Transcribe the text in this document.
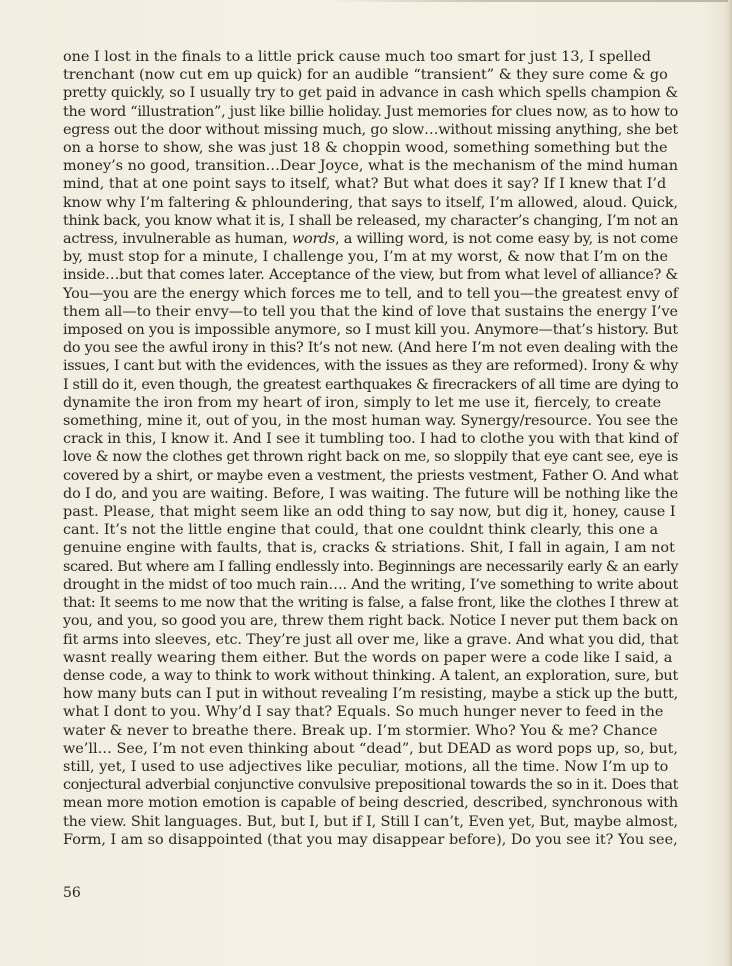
one I lost in the finals to a little prick cause much too smart for just 13, I spelled
trenchant (now cut em up quick) for an audible “transient” & they sure come & go
pretty quickly, so I usually try to get paid in advance in cash which spells champion &
the word “illustration”, just like billie holiday. Just memories for clues now, as to how to
egress out the door without missing much, go slow…without missing anything, she bet
on a horse to show, she was just 18 & choppin wood, something something but the
money’s no good, transition…Dear Joyce, what is the mechanism of the mind human
mind, that at one point says to itself, what? But what does it say? If I knew that I’d
know why I’m faltering & phloundering, that says to itself, I’m allowed, aloud. Quick,
think back, you know what it is, I shall be released, my character’s changing, I’m not an
actress, invulnerable as human, words, a willing word, is not come easy by, is not come
by, must stop for a minute, I challenge you, I’m at my worst, & now that I’m on the
inside…but that comes later. Acceptance of the view, but from what level of alliance? &
You—you are the energy which forces me to tell, and to tell you—the greatest envy of
them all—to their envy—to tell you that the kind of love that sustains the energy I’ve
imposed on you is impossible anymore, so I must kill you. Anymore—that’s history. But
do you see the awful irony in this? It’s not new. (And here I’m not even dealing with the
issues, I cant but with the evidences, with the issues as they are reformed). Irony & why
I still do it, even though, the greatest earthquakes & firecrackers of all time are dying to
dynamite the iron from my heart of iron, simply to let me use it, fiercely, to create
something, mine it, out of you, in the most human way. Synergy/resource. You see the
crack in this, I know it. And I see it tumbling too. I had to clothe you with that kind of
love & now the clothes get thrown right back on me, so sloppily that eye cant see, eye is
covered by a shirt, or maybe even a vestment, the priests vestment, Father O. And what
do I do, and you are waiting. Before, I was waiting. The future will be nothing like the
past. Please, that might seem like an odd thing to say now, but dig it, honey, cause I
cant. It’s not the little engine that could, that one couldnt think clearly, this one a
genuine engine with faults, that is, cracks & striations. Shit, I fall in again, I am not
scared. But where am I falling endlessly into. Beginnings are necessarily early & an early
drought in the midst of too much rain…. And the writing, I’ve something to write about
that: It seems to me now that the writing is false, a false front, like the clothes I threw at
you, and you, so good you are, threw them right back. Notice I never put them back on
fit arms into sleeves, etc. They’re just all over me, like a grave. And what you did, that
wasnt really wearing them either. But the words on paper were a code like I said, a
dense code, a way to think to work without thinking. A talent, an exploration, sure, but
how many buts can I put in without revealing I’m resisting, maybe a stick up the butt,
what I dont to you. Why’d I say that? Equals. So much hunger never to feed in the
water & never to breathe there. Break up. I’m stormier. Who? You & me? Chance
we’ll… See, I’m not even thinking about “dead”, but DEAD as word pops up, so, but,
still, yet, I used to use adjectives like peculiar, motions, all the time. Now I’m up to
conjectural adverbial conjunctive convulsive prepositional towards the so in it. Does that
mean more motion emotion is capable of being descried, described, synchronous with
the view. Shit languages. But, but I, but if I, Still I can’t, Even yet, But, maybe almost,
Form, I am so disappointed (that you may disappear before), Do you see it? You see,
56
